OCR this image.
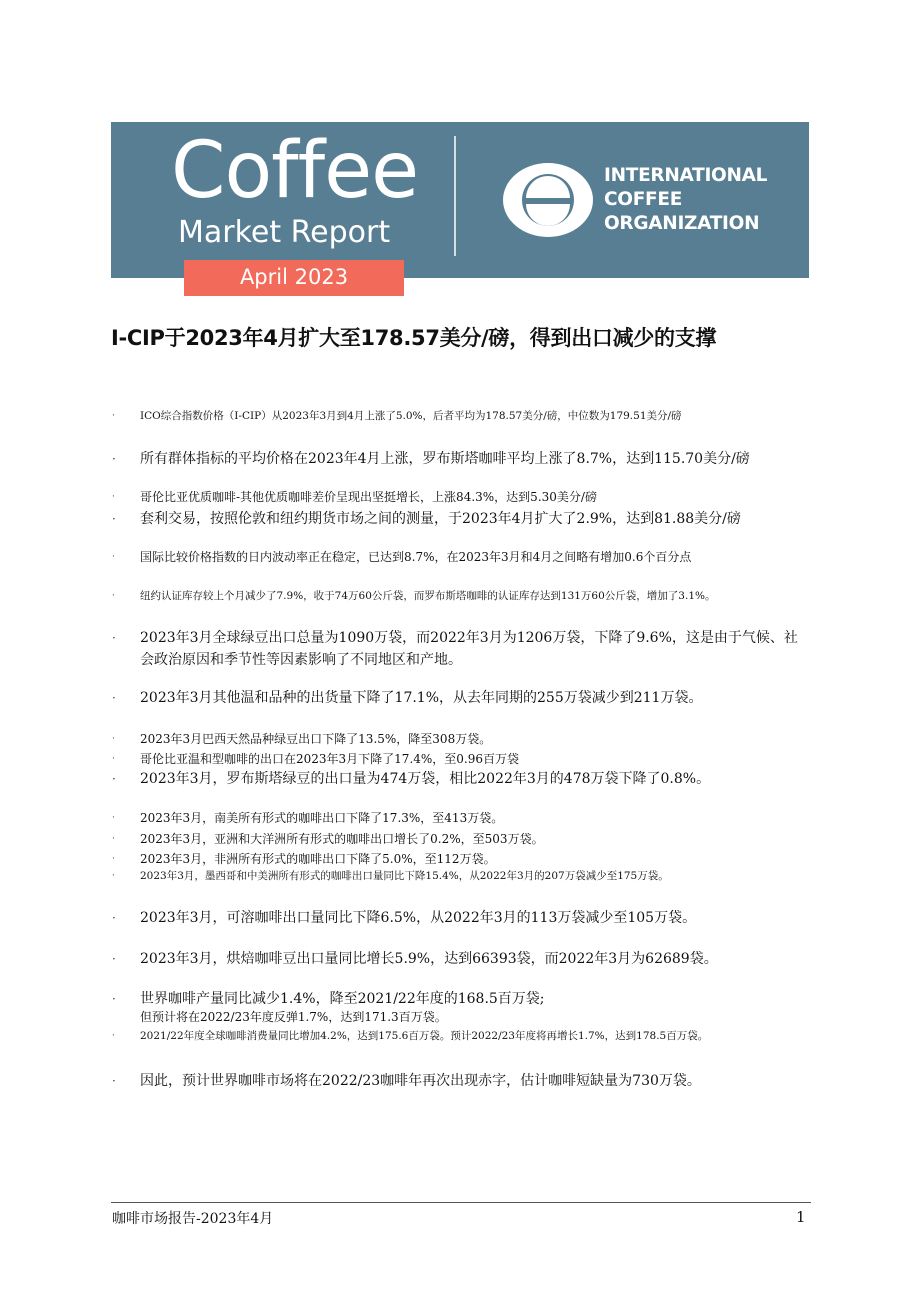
Coffee
Market Report
INTERNATIONAL
COFFEE
ORGANIZATION
April 2023
I-CIP于2023年4月扩大至178.57美分/磅，得到出口减少的支撑
· ICO综合指数价格（I-CIP）从2023年3月到4月上涨了5.0%，后者平均为178.57美分/磅，中位数为179.51美分/磅
· 所有群体指标的平均价格在2023年4月上涨，罗布斯塔咖啡平均上涨了8.7%，达到115.70美分/磅
· 哥伦比亚优质咖啡-其他优质咖啡差价呈现出坚挺增长，上涨84.3%，达到5.30美分/磅
· 套利交易，按照伦敦和纽约期货市场之间的测量，于2023年4月扩大了2.9%，达到81.88美分/磅
· 国际比较价格指数的日内波动率正在稳定，已达到8.7%，在2023年3月和4月之间略有增加0.6个百分点
· 纽约认证库存较上个月减少了7.9%，收于74万60公斤袋，而罗布斯塔咖啡的认证库存达到131万60公斤袋，增加了3.1%。
· 2023年3月全球绿豆出口总量为1090万袋，而2022年3月为1206万袋，下降了9.6%，这是由于气候、社会政治原因和季节性等因素影响了不同地区和产地。
· 2023年3月其他温和品种的出货量下降了17.1%，从去年同期的255万袋减少到211万袋。
· 2023年3月巴西天然品种绿豆出口下降了13.5%，降至308万袋。
· 哥伦比亚温和型咖啡的出口在2023年3月下降了17.4%，至0.96百万袋
· 2023年3月，罗布斯塔绿豆的出口量为474万袋，相比2022年3月的478万袋下降了0.8%。
· 2023年3月，南美所有形式的咖啡出口下降了17.3%，至413万袋。
· 2023年3月，亚洲和大洋洲所有形式的咖啡出口增长了0.2%，至503万袋。
· 2023年3月，非洲所有形式的咖啡出口下降了5.0%，至112万袋。
· 2023年3月，墨西哥和中美洲所有形式的咖啡出口量同比下降15.4%，从2022年3月的207万袋减少至175万袋。
· 2023年3月，可溶咖啡出口量同比下降6.5%，从2022年3月的113万袋减少至105万袋。
· 2023年3月，烘焙咖啡豆出口量同比增长5.9%，达到66393袋，而2022年3月为62689袋。
· 世界咖啡产量同比减少1.4%，降至2021/22年度的168.5百万袋;
但预计将在2022/23年度反弹1.7%，达到171.3百万袋。
· 2021/22年度全球咖啡消费量同比增加4.2%，达到175.6百万袋。预计2022/23年度将再增长1.7%，达到178.5百万袋。
· 因此，预计世界咖啡市场将在2022/23咖啡年再次出现赤字，估计咖啡短缺量为730万袋。
咖啡市场报告-2023年4月	1
